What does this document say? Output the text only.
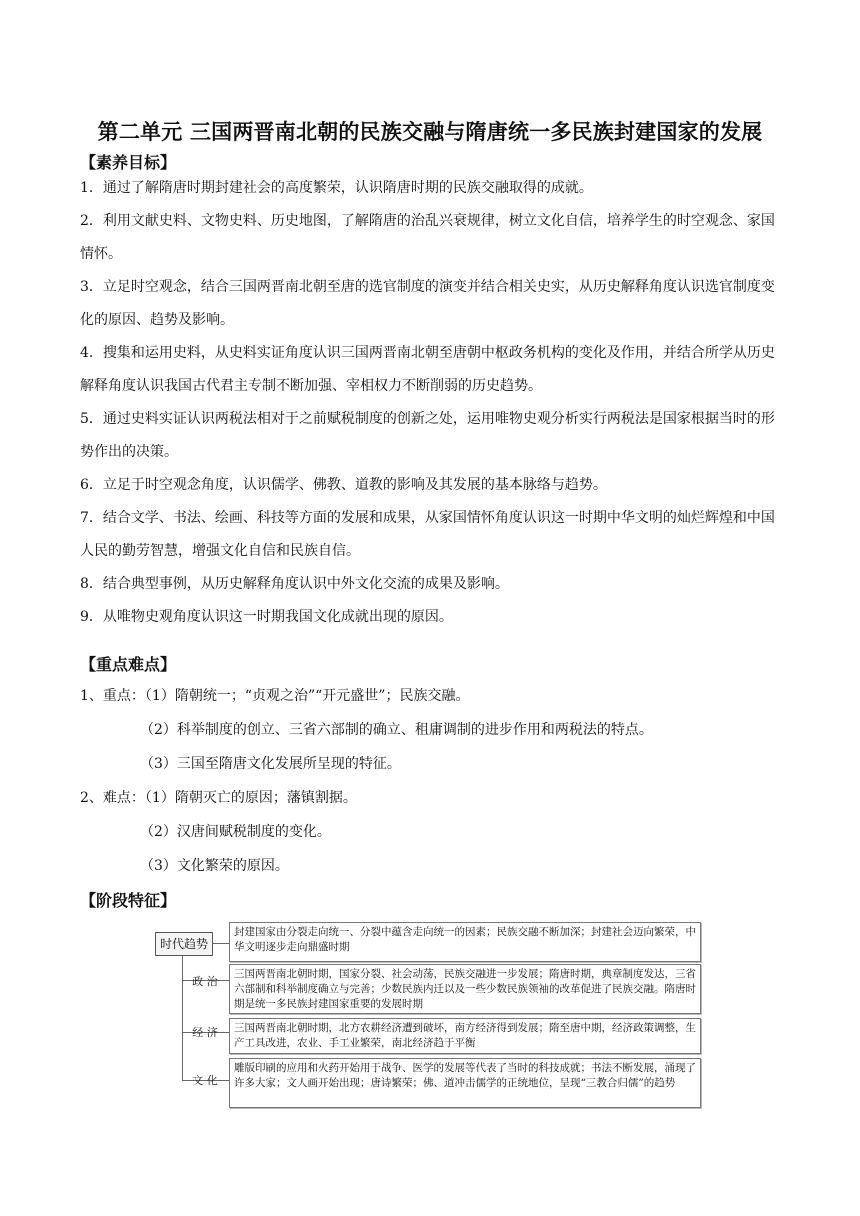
第二单元 三国两晋南北朝的民族交融与隋唐统一多民族封建国家的发展
【素养目标】

1．通过了解隋唐时期封建社会的高度繁荣，认识隋唐时期的民族交融取得的成就。

2．利用文献史料、文物史料、历史地图，了解隋唐的治乱兴衰规律，树立文化自信，培养学生的时空观念、家国情怀。

3．立足时空观念，结合三国两晋南北朝至唐的选官制度的演变并结合相关史实，从历史解释角度认识选官制度变化的原因、趋势及影响。

4．搜集和运用史料，从史料实证角度认识三国两晋南北朝至唐朝中枢政务机构的变化及作用，并结合所学从历史解释角度认识我国古代君主专制不断加强、宰相权力不断削弱的历史趋势。

5．通过史料实证认识两税法相对于之前赋税制度的创新之处，运用唯物史观分析实行两税法是国家根据当时的形势作出的决策。

6．立足于时空观念角度，认识儒学、佛教、道教的影响及其发展的基本脉络与趋势。

7．结合文学、书法、绘画、科技等方面的发展和成果，从家国情怀角度认识这一时期中华文明的灿烂辉煌和中国人民的勤劳智慧，增强文化自信和民族自信。

8．结合典型事例，从历史解释角度认识中外文化交流的成果及影响。

9．从唯物史观角度认识这一时期我国文化成就出现的原因。

【重点难点】
1、重点：（1）隋朝统一；“贞观之治”“开元盛世”；民族交融。
（2）科举制度的创立、三省六部制的确立、租庸调制的进步作用和两税法的特点。
（3）三国至隋唐文化发展所呈现的特征。
2、难点：（1）隋朝灭亡的原因；藩镇割据。
（2）汉唐间赋税制度的变化。
（3）文化繁荣的原因。
【阶段特征】
时代趋势
封建国家由分裂走向统一、分裂中蕴含走向统一的因素；民族交融不断加深；封建社会迈向繁荣，中华文明逐步走向鼎盛时期
政 治
三国两晋南北朝时期，国家分裂、社会动荡，民族交融进一步发展；隋唐时期，典章制度发达，三省六部制和科举制度确立与完善；少数民族内迁以及一些少数民族领袖的改革促进了民族交融。隋唐时期是统一多民族封建国家重要的发展时期
经 济	三国两晋南北朝时期，北方农耕经济遭到破坏，南方经济得到发展；隋至唐中期，经济政策调整，生产工具改进，农业、手工业繁荣，南北经济趋于平衡
文 化
雕版印刷的应用和火药开始用于战争、医学的发展等代表了当时的科技成就；书法不断发展，涌现了许多大家；文人画开始出现；唐诗繁荣；佛、道冲击儒学的正统地位，呈现“三教合归儒”的趋势
